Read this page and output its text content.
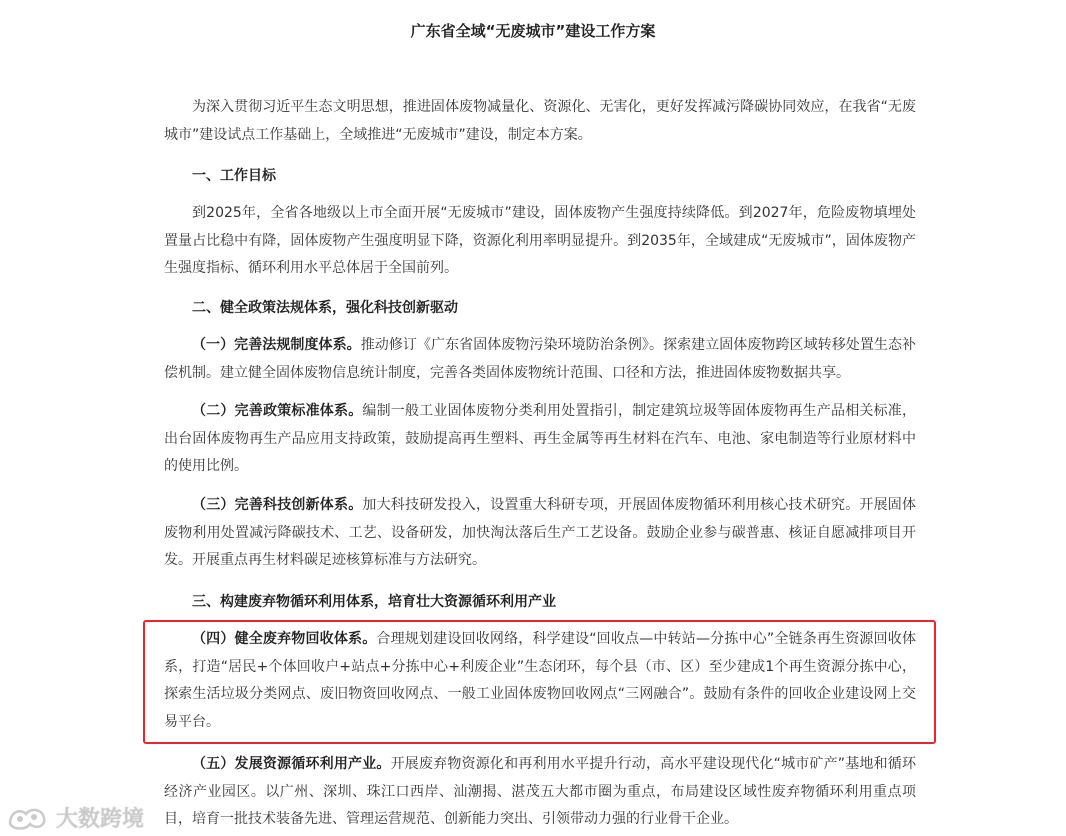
广东省全域“无废城市”建设工作方案
为深入贯彻习近平生态文明思想，推进固体废物减量化、资源化、无害化，更好发挥减污降碳协同效应，在我省“无废城市”建设试点工作基础上，全域推进“无废城市”建设，制定本方案。
一、工作目标
到2025年，全省各地级以上市全面开展“无废城市”建设，固体废物产生强度持续降低。到2027年，危险废物填埋处置量占比稳中有降，固体废物产生强度明显下降，资源化利用率明显提升。到2035年，全域建成“无废城市”，固体废物产生强度指标、循环利用水平总体居于全国前列。
二、健全政策法规体系，强化科技创新驱动
（一）完善法规制度体系。推动修订《广东省固体废物污染环境防治条例》。探索建立固体废物跨区域转移处置生态补偿机制。建立健全固体废物信息统计制度，完善各类固体废物统计范围、口径和方法，推进固体废物数据共享。
（二）完善政策标准体系。编制一般工业固体废物分类利用处置指引，制定建筑垃圾等固体废物再生产品相关标准，出台固体废物再生产品应用支持政策，鼓励提高再生塑料、再生金属等再生材料在汽车、电池、家电制造等行业原材料中的使用比例。
（三）完善科技创新体系。加大科技研发投入，设置重大科研专项，开展固体废物循环利用核心技术研究。开展固体废物利用处置减污降碳技术、工艺、设备研发，加快淘汰落后生产工艺设备。鼓励企业参与碳普惠、核证自愿减排项目开发。开展重点再生材料碳足迹核算标准与方法研究。
三、构建废弃物循环利用体系，培育壮大资源循环利用产业
（四）健全废弃物回收体系。合理规划建设回收网络，科学建设“回收点—中转站—分拣中心”全链条再生资源回收体系，打造“居民+个体回收户+站点+分拣中心+利废企业”生态闭环，每个县（市、区）至少建成1个再生资源分拣中心，探索生活垃圾分类网点、废旧物资回收网点、一般工业固体废物回收网点“三网融合”。鼓励有条件的回收企业建设网上交易平台。
（五）发展资源循环利用产业。开展废弃物资源化和再利用水平提升行动，高水平建设现代化“城市矿产”基地和循环经济产业园区。以广州、深圳、珠江口西岸、汕潮揭、湛茂五大都市圈为重点，布局建设区域性废弃物循环利用重点项目，培育一批技术装备先进、管理运营规范、创新能力突出、引领带动力强的行业骨干企业。
大数跨境
